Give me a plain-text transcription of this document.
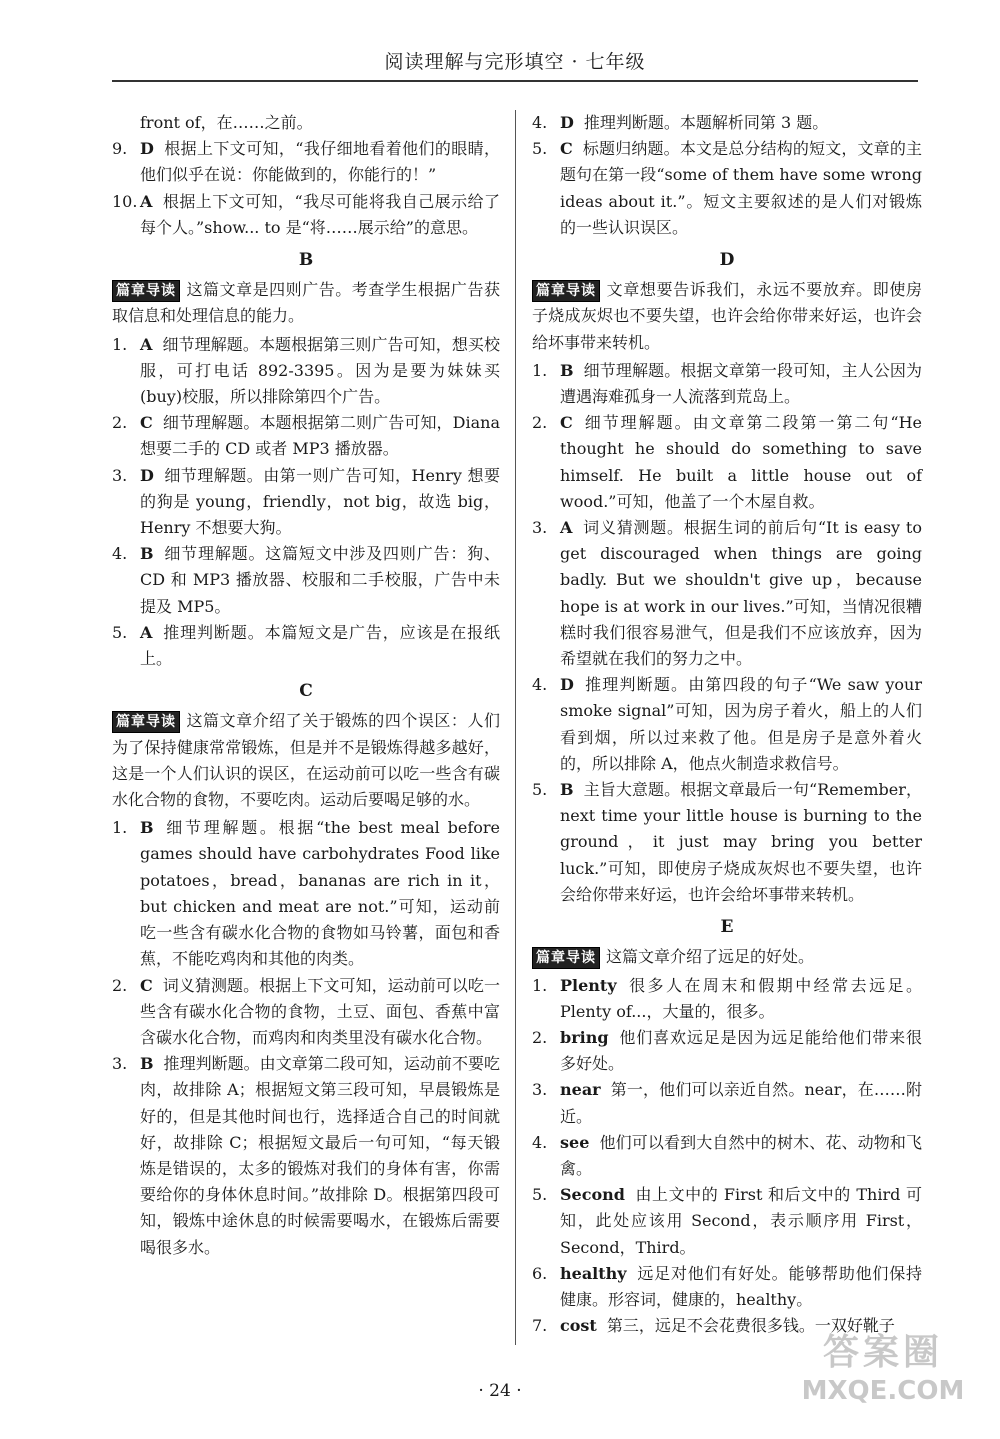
阅读理解与完形填空 · 七年级

front of，在……之前。

9. D 根据上下文可知，“我仔细地看着他们的眼睛，他们似乎在说：你能做到的，你能行的！”

10. A 根据上下文可知，“我尽可能将我自己展示给了每个人。”show... to 是“将……展示给”的意思。

B

篇章导读 这篇文章是四则广告。考查学生根据广告获取信息和处理信息的能力。

1. A 细节理解题。本题根据第三则广告可知，想买校服，可打电话 892-3395。因为是要为妹妹买(buy)校服，所以排除第四个广告。

2. C 细节理解题。本题根据第二则广告可知，Diana 想要二手的 CD 或者 MP3 播放器。

3. D 细节理解题。由第一则广告可知，Henry 想要的狗是 young，friendly，not big，故选 big，Henry 不想要大狗。

4. B 细节理解题。这篇短文中涉及四则广告：狗、CD 和 MP3 播放器、校服和二手校服，广告中未提及 MP5。

5. A 推理判断题。本篇短文是广告，应该是在报纸上。

C

篇章导读 这篇文章介绍了关于锻炼的四个误区：人们为了保持健康常常锻炼，但是并不是锻炼得越多越好，这是一个人们认识的误区，在运动前可以吃一些含有碳水化合物的食物，不要吃肉。运动后要喝足够的水。

1. B 细节理解题。根据“the best meal before games should have carbohydrates Food like potatoes，bread，bananas are rich in it，but chicken and meat are not.”可知，运动前吃一些含有碳水化合物的食物如马铃薯，面包和香蕉，不能吃鸡肉和其他的肉类。

2. C 词义猜测题。根据上下文可知，运动前可以吃一些含有碳水化合物的食物，土豆、面包、香蕉中富含碳水化合物，而鸡肉和肉类里没有碳水化合物。

3. B 推理判断题。由文章第二段可知，运动前不要吃肉，故排除 A；根据短文第三段可知，早晨锻炼是好的，但是其他时间也行，选择适合自己的时间就好，故排除 C；根据短文最后一句可知，“每天锻炼是错误的，太多的锻炼对我们的身体有害，你需要给你的身体休息时间。”故排除 D。根据第四段可知，锻炼中途休息的时候需要喝水，在锻炼后需要喝很多水。

4. D 推理判断题。本题解析同第 3 题。

5. C 标题归纳题。本文是总分结构的短文，文章的主题句在第一段“some of them have some wrong ideas about it.”。短文主要叙述的是人们对锻炼的一些认识误区。

D

篇章导读 文章想要告诉我们，永远不要放弃。即使房子烧成灰烬也不要失望，也许会给你带来好运，也许会给坏事带来转机。

1. B 细节理解题。根据文章第一段可知，主人公因为遭遇海难孤身一人流落到荒岛上。

2. C 细节理解题。由文章第二段第一第二句“He thought he should do something to save himself. He built a little house out of wood.”可知，他盖了一个木屋自救。

3. A 词义猜测题。根据生词的前后句“It is easy to get discouraged when things are going badly. But we shouldn't give up，because hope is at work in our lives.”可知，当情况很糟糕时我们很容易泄气，但是我们不应该放弃，因为希望就在我们的努力之中。

4. D 推理判断题。由第四段的句子“We saw your smoke signal”可知，因为房子着火，船上的人们看到烟，所以过来救了他。但是房子是意外着火的，所以排除 A，他点火制造求救信号。

5. B 主旨大意题。根据文章最后一句“Remember，next time your little house is burning to the ground，it just may bring you better luck.”可知，即使房子烧成灰烬也不要失望，也许会给你带来好运，也许会给坏事带来转机。

E

篇章导读 这篇文章介绍了远足的好处。

1. Plenty 很多人在周末和假期中经常去远足。Plenty of...，大量的，很多。

2. bring 他们喜欢远足是因为远足能给他们带来很多好处。

3. near 第一，他们可以亲近自然。near，在……附近。

4. see 他们可以看到大自然中的树木、花、动物和飞禽。

5. Second 由上文中的 First 和后文中的 Third 可知，此处应该用 Second，表示顺序用 First，Second，Third。

6. healthy 远足对他们有好处。能够帮助他们保持健康。形容词，健康的，healthy。

7. cost 第三，远足不会花费很多钱。一双好靴子

· 24 ·
答案圈
MXQE.COM
